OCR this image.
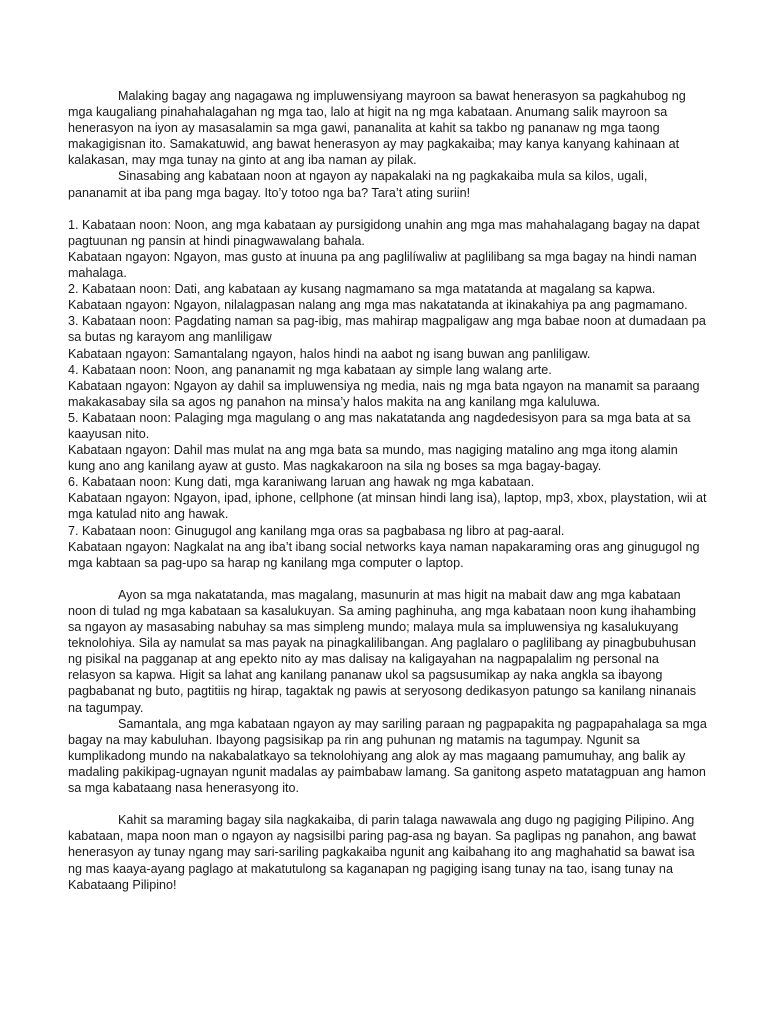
Malaking bagay ang nagagawa ng impluwensiyang mayroon sa bawat henerasyon sa pagkahubog ng mga kaugaliang pinahahalagahan ng mga tao, lalo at higit na ng mga kabataan. Anumang salik mayroon sa henerasyon na iyon ay masasalamin sa mga gawi, pananalita at kahit sa takbo ng pananaw ng mga taong makagigisnan ito. Samakatuwid, ang bawat henerasyon ay may pagkakaiba; may kanya kanyang kahinaan at kalakasan, may mga tunay na ginto at ang iba naman ay pilak.

Sinasabing ang kabataan noon at ngayon ay napakalaki na ng pagkakaiba mula sa kilos, ugali, pananamit at iba pang mga bagay. Ito’y totoo nga ba? Tara’t ating suriin!

1. Kabataan noon: Noon, ang mga kabataan ay pursigidong unahin ang mga mas mahahalagang bagay na dapat pagtuunan ng pansin at hindi pinagwawalang bahala.

Kabataan ngayon: Ngayon, mas gusto at inuuna pa ang paglilíwaliw at paglilibang sa mga bagay na hindi naman mahalaga.

2. Kabataan noon: Dati, ang kabataan ay kusang nagmamano sa mga matatanda at magalang sa kapwa.

Kabataan ngayon: Ngayon, nilalagpasan nalang ang mga mas nakatatanda at ikinakahiya pa ang pagmamano.

3. Kabataan noon: Pagdating naman sa pag-ibig, mas mahirap magpaligaw ang mga babae noon at dumadaan pa sa butas ng karayom ang manliligaw

Kabataan ngayon: Samantalang ngayon, halos hindi na aabot ng isang buwan ang panliligaw.

4. Kabataan noon: Noon, ang pananamit ng mga kabataan ay simple lang walang arte.

Kabataan ngayon: Ngayon ay dahil sa impluwensiya ng media, nais ng mga bata ngayon na manamit sa paraang makakasabay sila sa agos ng panahon na minsa’y halos makita na ang kanilang mga kaluluwa.

5. Kabataan noon: Palaging mga magulang o ang mas nakatatanda ang nagdedesisyon para sa mga bata at sa kaayusan nito.

Kabataan ngayon: Dahil mas mulat na ang mga bata sa mundo, mas nagiging matalino ang mga itong alamin kung ano ang kanilang ayaw at gusto. Mas nagkakaroon na sila ng boses sa mga bagay-bagay.

6. Kabataan noon: Kung dati, mga karaniwang laruan ang hawak ng mga kabataan.

Kabataan ngayon: Ngayon, ipad, iphone, cellphone (at minsan hindi lang isa), laptop, mp3, xbox, playstation, wii at mga katulad nito ang hawak.

7. Kabataan noon: Ginugugol ang kanilang mga oras sa pagbabasa ng libro at pag-aaral.

Kabataan ngayon: Nagkalat na ang iba’t ibang social networks kaya naman napakaraming oras ang ginugugol ng mga kabtaan sa pag-upo sa harap ng kanilang mga computer o laptop.

Ayon sa mga nakatatanda, mas magalang, masunurin at mas higit na mabait daw ang mga kabataan noon di tulad ng mga kabataan sa kasalukuyan. Sa aming paghinuha, ang mga kabataan noon kung ihahambing sa ngayon ay masasabing nabuhay sa mas simpleng mundo; malaya mula sa impluwensiya ng kasalukuyang teknolohiya. Sila ay namulat sa mas payak na pinagkalilibangan. Ang paglalaro o paglilibang ay pinagbubuhusan ng pisikal na pagganap at ang epekto nito ay mas dalisay na kaligayahan na nagpapalalim ng personal na relasyon sa kapwa. Higit sa lahat ang kanilang pananaw ukol sa pagsusumikap ay naka angkla sa ibayong pagbabanat ng buto, pagtitiis ng hirap, tagaktak ng pawis at seryosong dedikasyon patungo sa kanilang ninanais na tagumpay.

Samantala, ang mga kabataan ngayon ay may sariling paraan ng pagpapakita ng pagpapahalaga sa mga bagay na may kabuluhan. Ibayong pagsisikap pa rin ang puhunan ng matamis na tagumpay. Ngunit sa kumplikadong mundo na nakabalatkayo sa teknolohiyang ang alok ay mas magaang pamumuhay, ang balik ay madaling pakikipag-ugnayan ngunit madalas ay paimbabaw lamang. Sa ganitong aspeto matatagpuan ang hamon sa mga kabataang nasa henerasyong ito.

Kahit sa maraming bagay sila nagkakaiba, di parin talaga nawawala ang dugo ng pagiging Pilipino. Ang kabataan, mapa noon man o ngayon ay nagsisilbi paring pag-asa ng bayan. Sa paglipas ng panahon, ang bawat henerasyon ay tunay ngang may sari-sariling pagkakaiba ngunit ang kaibahang ito ang maghahatid sa bawat isa ng mas kaaya-ayang paglago at makatutulong sa kaganapan ng pagiging isang tunay na tao, isang tunay na Kabataang Pilipino!
